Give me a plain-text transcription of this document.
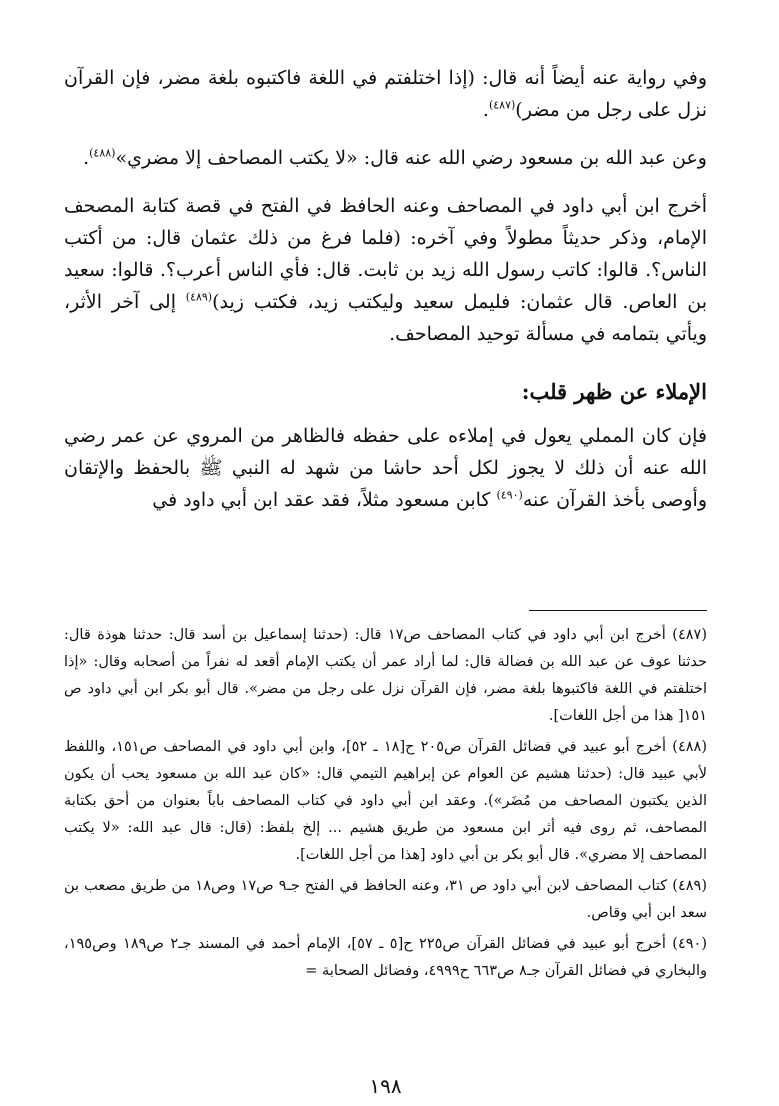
وفي رواية عنه أيضاً أنه قال: (إذا اختلفتم في اللغة فاكتبوه بلغة مضر، فإن القرآن نزل على رجل من مضر)$^{(٤٨٧)}$.

وعن عبد الله بن مسعود رضي الله عنه قال: «لا يكتب المصاحف إلا مضري»$^{(٤٨٨)}$.

أخرج ابن أبي داود في المصاحف وعنه الحافظ في الفتح في قصة كتابة المصحف الإمام، وذكر حديثاً مطولاً وفي آخره: (فلما فرغ من ذلك عثمان قال: من أكتب الناس؟. قالوا: كاتب رسول الله زيد بن ثابت. قال: فأي الناس أعرب؟. قالوا: سعيد بن العاص. قال عثمان: فليمل سعيد وليكتب زيد، فكتب زيد)$^{(٤٨٩)}$ إلى آخر الأثر، ويأتي بتمامه في مسألة توحيد المصاحف.

الإملاء عن ظهر قلب:

فإن كان المملي يعول في إملاءه على حفظه فالظاهر من المروي عن عمر رضي الله عنه أن ذلك لا يجوز لكل أحد حاشا من شهد له النبي ﷺ بالحفظ والإتقان وأوصى بأخذ القرآن عنه$^{(٤٩٠)}$ كابن مسعود مثلاً، فقد عقد ابن أبي داود في

(٤٨٧) أخرج ابن أبي داود في كتاب المصاحف ص١٧ قال: (حدثنا إسماعيل بن أسد قال: حدثنا هوذة قال: حدثنا عوف عن عبد الله بن فضالة قال: لما أراد عمر أن يكتب الإمام أقعد له نفراً من أصحابه وقال: «إذا اختلفتم في اللغة فاكتبوها بلغة مضر، فإن القرآن نزل على رجل من مضر». قال أبو بكر ابن أبي داود ص ١٥١[ هذا من أجل اللغات].

(٤٨٨) أخرج أبو عبيد في فضائل القرآن ص٢٠٥ ح[١٨ ـ ٥٢]، وابن أبي داود في المصاحف ص١٥١، واللفظ لأبي عبيد قال: (حدثنا هشيم عن العوام عن إبراهيم التيمي قال: «كان عبد الله بن مسعود يحب أن يكون الذين يكتبون المصاحف من مُضَر»). وعقد ابن أبي داود في كتاب المصاحف باباً بعنوان من أحق بكتابة المصاحف، ثم روى فيه أثر ابن مسعود من طريق هشيم ... إلخ بلفظ: (قال: قال عبد الله: «لا يكتب المصاحف إلا مضري». قال أبو بكر بن أبي داود [هذا من أجل اللغات].

(٤٨٩) كتاب المصاحف لابن أبي داود ص ٣١، وعنه الحافظ في الفتح جـ٩ ص١٧ وص١٨ من طريق مصعب بن سعد ابن أبي وقاص.

(٤٩٠) أخرج أبو عبيد في فضائل القرآن ص٢٢٥ ح[٥ ـ ٥٧]، الإمام أحمد في المسند جـ٢ ص١٨٩ وص١٩٥، والبخاري في فضائل القرآن جـ٨ ص٦٦٣ ح٤٩٩٩، وفضائل الصحابة =

١٩٨
